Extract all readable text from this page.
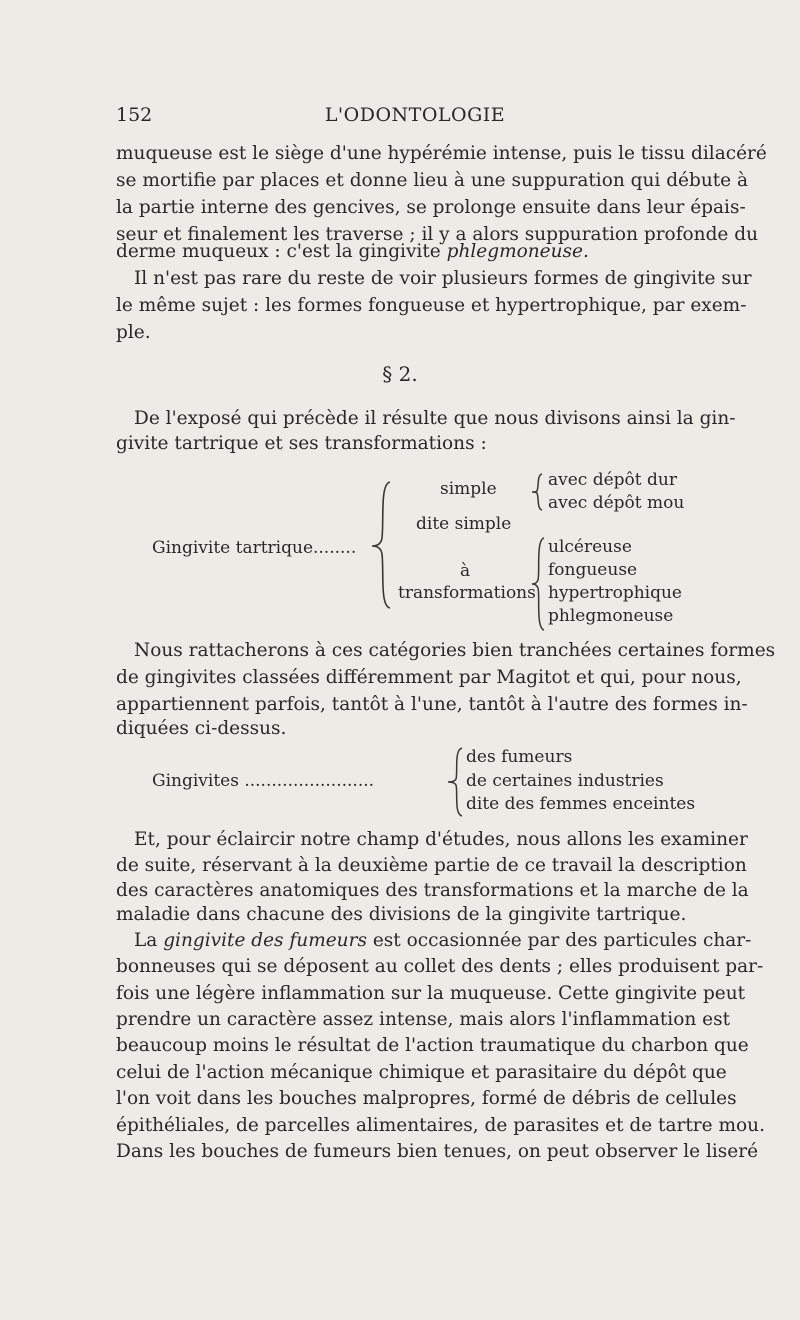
152	L'ODONTOLOGIE
muqueuse est le siège d'une hypérémie intense, puis le tissu dilacéré
se mortifie par places et donne lieu à une suppuration qui débute à
la partie interne des gencives, se prolonge ensuite dans leur épais-
seur et finalement les traverse ; il y a alors suppuration profonde du
derme muqueux : c'est la gingivite phlegmoneuse.
Il n'est pas rare du reste de voir plusieurs formes de gingivite sur
le même sujet : les formes fongueuse et hypertrophique, par exem-
ple.
§ 2.
De l'exposé qui précède il résulte que nous divisons ainsi la gin-
givite tartrique et ses transformations :
Gingivite tartrique........
simple	avec dépôt dur
avec dépôt mou
dite simple
à
transformations
ulcéreuse
fongueuse
hypertrophique
phlegmoneuse
Nous rattacherons à ces catégories bien tranchées certaines formes
de gingivites classées différemment par Magitot et qui, pour nous,
appartiennent parfois, tantôt à l'une, tantôt à l'autre des formes in-
diquées ci-dessus.
Gingivites ........................
des fumeurs
de certaines industries
dite des femmes enceintes
Et, pour éclaircir notre champ d'études, nous allons les examiner
de suite, réservant à la deuxième partie de ce travail la description
des caractères anatomiques des transformations et la marche de la
maladie dans chacune des divisions de la gingivite tartrique.
La gingivite des fumeurs est occasionnée par des particules char-
bonneuses qui se déposent au collet des dents ; elles produisent par-
fois une légère inflammation sur la muqueuse. Cette gingivite peut
prendre un caractère assez intense, mais alors l'inflammation est
beaucoup moins le résultat de l'action traumatique du charbon que
celui de l'action mécanique chimique et parasitaire du dépôt que
l'on voit dans les bouches malpropres, formé de débris de cellules
épithéliales, de parcelles alimentaires, de parasites et de tartre mou.
Dans les bouches de fumeurs bien tenues, on peut observer le liseré
